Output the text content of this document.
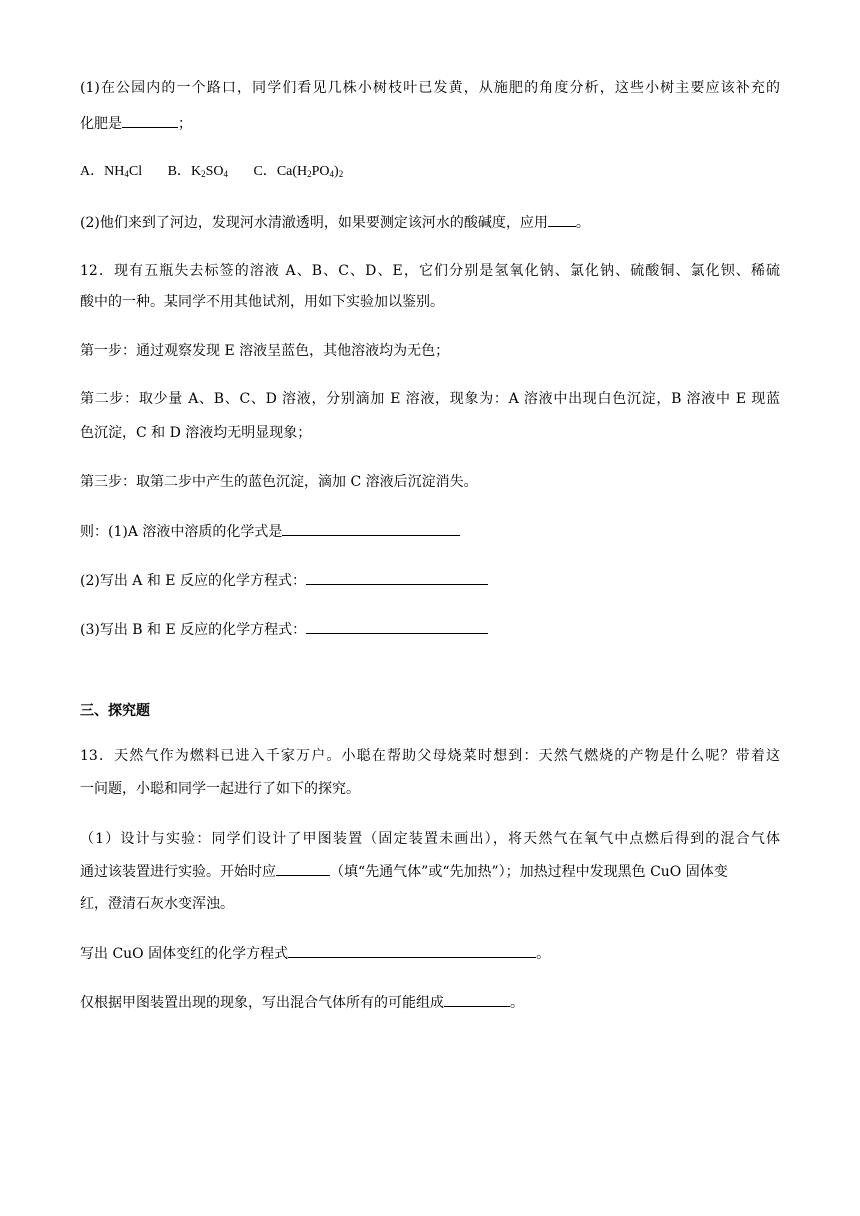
(1)在公园内的一个路口，同学们看见几株小树枝叶已发黄，从施肥的角度分析，这些小树主要应该补充的
化肥是	；
A．$NH_4Cl$ B．$K_2SO_4$ C．$Ca(H_2PO_4)_2$
(2)他们来到了河边，发现河水清澈透明，如果要测定该河水的酸碱度，应用 。
12．现有五瓶失去标签的溶液 A、B、C、D、E，它们分别是氢氧化钠、氯化钠、硫酸铜、氯化钡、稀硫
酸中的一种。某同学不用其他试剂，用如下实验加以鉴别。
第一步：通过观察发现 E 溶液呈蓝色，其他溶液均为无色；
第二步：取少量 A、B、C、D 溶液，分别滴加 E 溶液，现象为：A 溶液中出现白色沉淀，B 溶液中 E 现蓝
色沉淀，C 和 D 溶液均无明显现象；
第三步：取第二步中产生的蓝色沉淀，滴加 C 溶液后沉淀消失。
则：(1)A 溶液中溶质的化学式是
(2)写出 A 和 E 反应的化学方程式：
(3)写出 B 和 E 反应的化学方程式：
三、探究题
13．天然气作为燃料已进入千家万户。小聪在帮助父母烧菜时想到：天然气燃烧的产物是什么呢？带着这
一问题，小聪和同学一起进行了如下的探究。
（1）设计与实验：同学们设计了甲图装置（固定装置未画出），将天然气在氧气中点燃后得到的混合气体
通过该装置进行实验。开始时应	（填“先通气体”或“先加热”）；加热过程中发现黑色 CuO 固体变
红，澄清石灰水变浑浊。
写出 CuO 固体变红的化学方程式	。
仅根据甲图装置出现的现象，写出混合气体所有的可能组成	。
